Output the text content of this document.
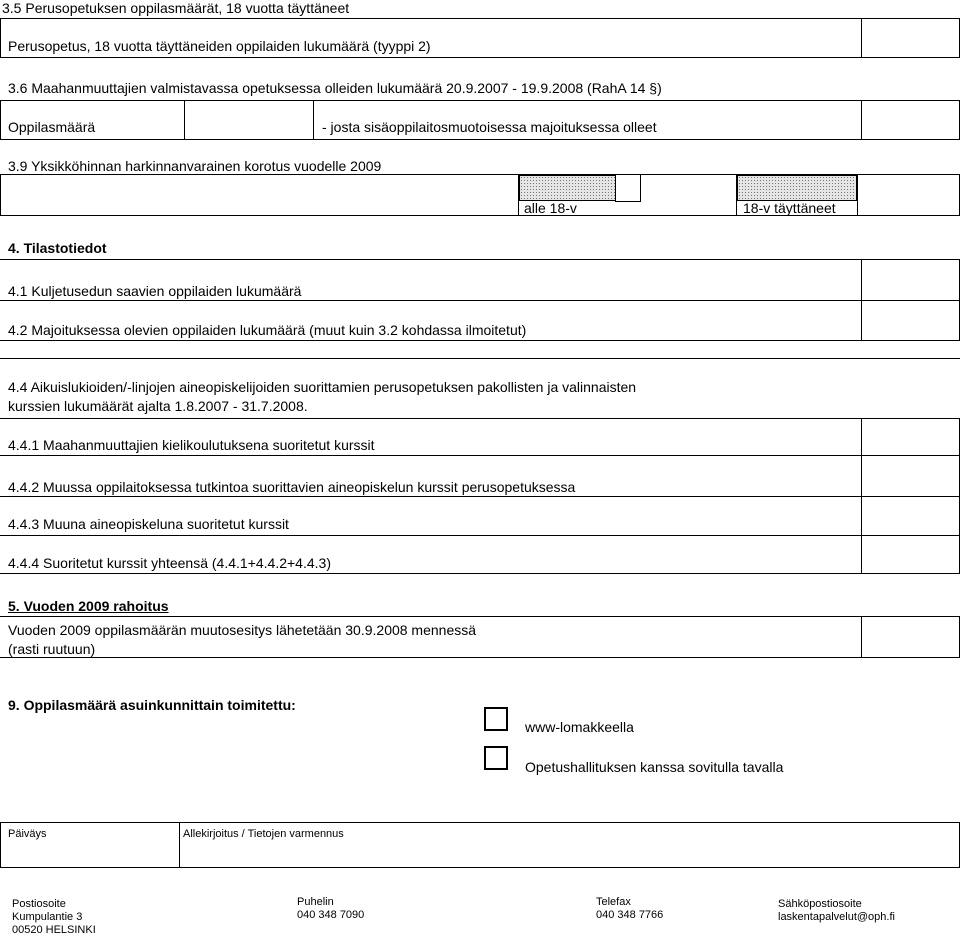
3.5 Perusopetuksen oppilasmäärät, 18 vuotta täyttäneet
Perusopetus, 18 vuotta täyttäneiden oppilaiden lukumäärä (tyyppi 2)
3.6 Maahanmuuttajien valmistavassa opetuksessa olleiden lukumäärä 20.9.2007 - 19.9.2008 (RahA 14 §)
Oppilasmäärä	- josta sisäoppilaitosmuotoisessa majoituksessa olleet
3.9 Yksikköhinnan harkinnanvarainen korotus vuodelle 2009
alle 18-v	18-v täyttäneet
4. Tilastotiedot
4.1 Kuljetusedun saavien oppilaiden lukumäärä
4.2 Majoituksessa olevien oppilaiden lukumäärä (muut kuin 3.2 kohdassa ilmoitetut)
4.4 Aikuislukioiden/-linjojen aineopiskelijoiden suorittamien perusopetuksen pakollisten ja valinnaisten
kurssien lukumäärät ajalta 1.8.2007 - 31.7.2008.
4.4.1 Maahanmuuttajien kielikoulutuksena suoritetut kurssit
4.4.2 Muussa oppilaitoksessa tutkintoa suorittavien aineopiskelun kurssit perusopetuksessa
4.4.3 Muuna aineopiskeluna suoritetut kurssit
4.4.4 Suoritetut kurssit yhteensä (4.4.1+4.4.2+4.4.3)
5. Vuoden 2009 rahoitus
Vuoden 2009 oppilasmäärän muutosesitys lähetetään 30.9.2008 mennessä
(rasti ruutuun)
9. Oppilasmäärä asuinkunnittain toimitettu:
www-lomakkeella
Opetushallituksen kanssa sovitulla tavalla
Päiväys	Allekirjoitus / Tietojen varmennus
Postiosoite
Kumpulantie 3
00520 HELSINKI
Puhelin
040 348 7090
Telefax
040 348 7766
Sähköpostiosoite
laskentapalvelut@oph.fi
